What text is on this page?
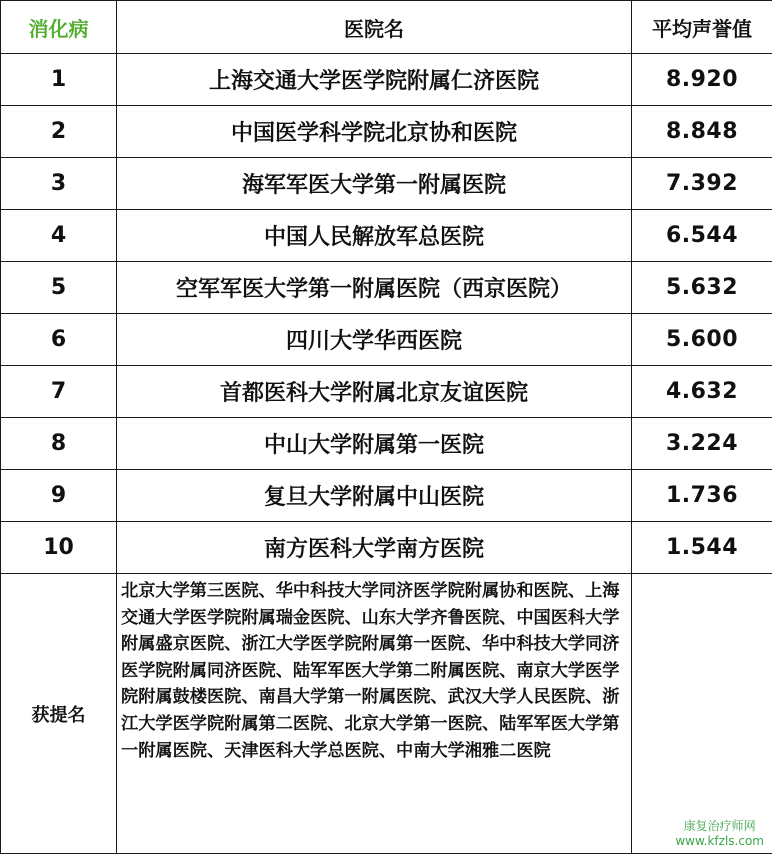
消化病	医院名	平均声誉值
1	上海交通大学医学院附属仁济医院	8.920
2	中国医学科学院北京协和医院	8.848
3	海军军医大学第一附属医院	7.392
4	中国人民解放军总医院	6.544
5	空军军医大学第一附属医院（西京医院）	5.632
6	四川大学华西医院	5.600
7	首都医科大学附属北京友谊医院	4.632
8	中山大学附属第一医院	3.224
9	复旦大学附属中山医院	1.736
10	南方医科大学南方医院	1.544
获提名	北京大学第三医院、华中科技大学同济医学院附属协和医院、上海交通大学医学院附属瑞金医院、山东大学齐鲁医院、中国医科大学附属盛京医院、浙江大学医学院附属第一医院、华中科技大学同济医学院附属同济医院、陆军军医大学第二附属医院、南京大学医学院附属鼓楼医院、南昌大学第一附属医院、武汉大学人民医院、浙江大学医学院附属第二医院、北京大学第一医院、陆军军医大学第一附属医院、天津医科大学总医院、中南大学湘雅二医院	康复治疗师网
www.kfzls.com
